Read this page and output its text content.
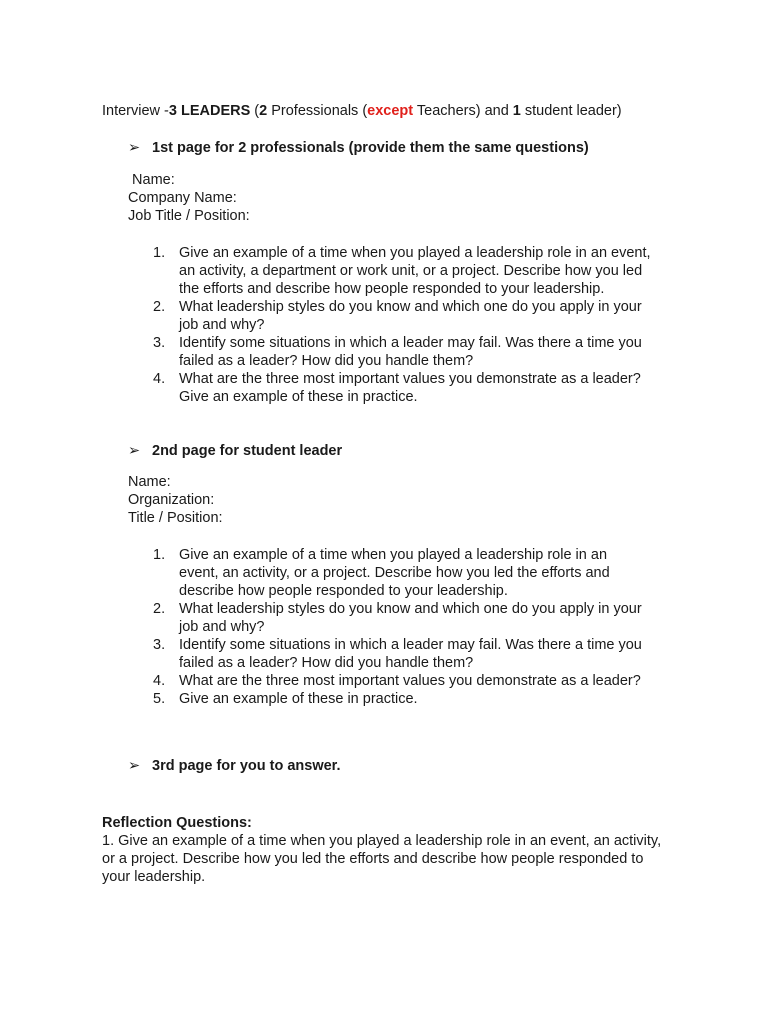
Interview -3 LEADERS (2 Professionals (except Teachers) and 1 student leader)
➢ 1st page for 2 professionals (provide them the same questions)
Name:
Company Name:
Job Title / Position:
1. Give an example of a time when you played a leadership role in an event, an activity, a department or work unit, or a project. Describe how you led the efforts and describe how people responded to your leadership.
2. What leadership styles do you know and which one do you apply in your job and why?
3. Identify some situations in which a leader may fail. Was there a time you failed as a leader? How did you handle them?
4. What are the three most important values you demonstrate as a leader? Give an example of these in practice.
➢ 2nd page for student leader
Name:
Organization:
Title / Position:
1. Give an example of a time when you played a leadership role in an event, an activity, or a project. Describe how you led the efforts and describe how people responded to your leadership.
2. What leadership styles do you know and which one do you apply in your job and why?
3. Identify some situations in which a leader may fail. Was there a time you failed as a leader? How did you handle them?
4. What are the three most important values you demonstrate as a leader?
5. Give an example of these in practice.
➢ 3rd page for you to answer.
Reflection Questions:
1. Give an example of a time when you played a leadership role in an event, an activity, or a project. Describe how you led the efforts and describe how people responded to your leadership.
